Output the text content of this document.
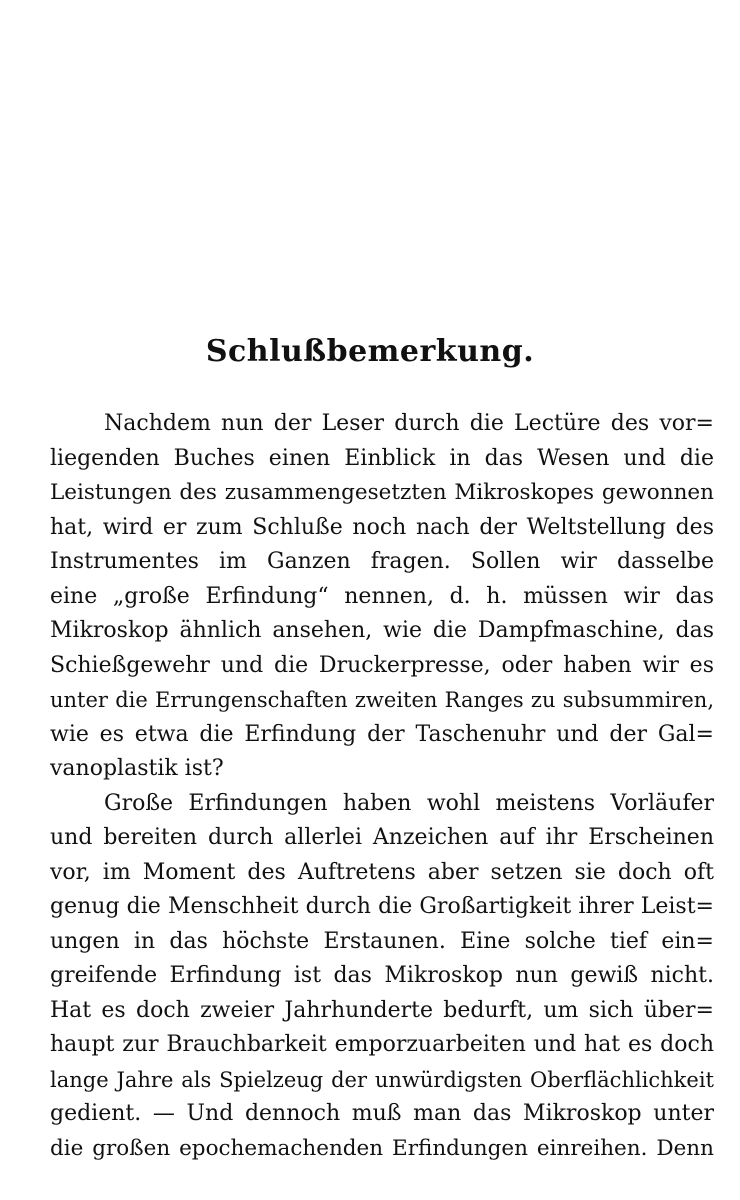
Schlußbemerkung.
Nachdem nun der Leser durch die Lectüre des vor=
liegenden Buches einen Einblick in das Wesen und die
Leistungen des zusammengesetzten Mikroskopes gewonnen
hat, wird er zum Schluße noch nach der Weltstellung des
Instrumentes im Ganzen fragen. Sollen wir dasselbe
eine „große Erfindung“ nennen, d. h. müssen wir das
Mikroskop ähnlich ansehen, wie die Dampfmaschine, das
Schießgewehr und die Druckerpresse, oder haben wir es
unter die Errungenschaften zweiten Ranges zu subsummiren,
wie es etwa die Erfindung der Taschenuhr und der Gal=
vanoplastik ist?
Große Erfindungen haben wohl meistens Vorläufer
und bereiten durch allerlei Anzeichen auf ihr Erscheinen
vor, im Moment des Auftretens aber setzen sie doch oft
genug die Menschheit durch die Großartigkeit ihrer Leist=
ungen in das höchste Erstaunen. Eine solche tief ein=
greifende Erfindung ist das Mikroskop nun gewiß nicht.
Hat es doch zweier Jahrhunderte bedurft, um sich über=
haupt zur Brauchbarkeit emporzuarbeiten und hat es doch
lange Jahre als Spielzeug der unwürdigsten Oberflächlichkeit
gedient. — Und dennoch muß man das Mikroskop unter
die großen epochemachenden Erfindungen einreihen. Denn
